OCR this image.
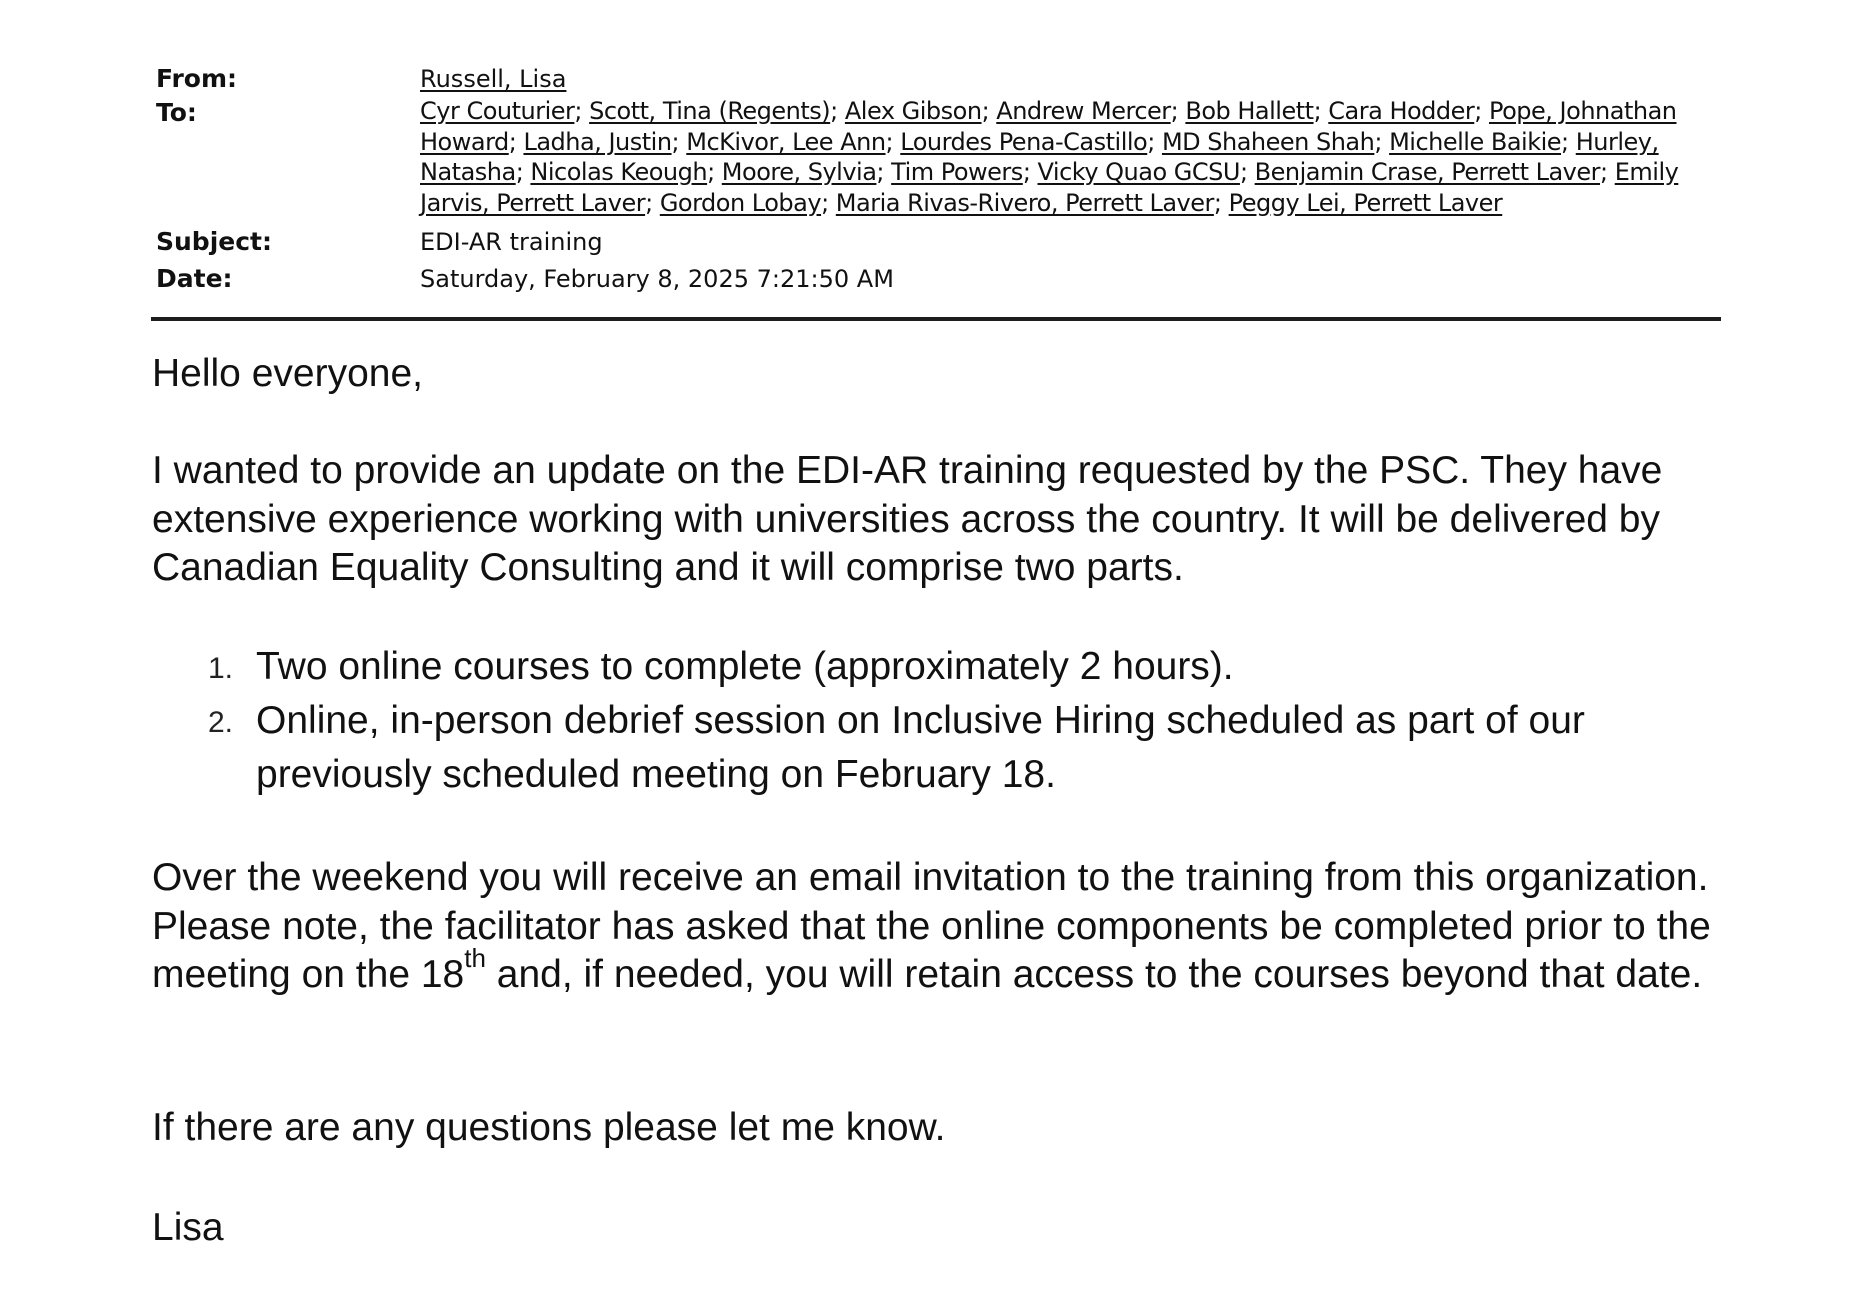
From:	Russell, Lisa
To:	Cyr Couturier; Scott, Tina (Regents); Alex Gibson; Andrew Mercer; Bob Hallett; Cara Hodder; Pope, Johnathan Howard; Ladha, Justin; McKivor, Lee Ann; Lourdes Pena-Castillo; MD Shaheen Shah; Michelle Baikie; Hurley, Natasha; Nicolas Keough; Moore, Sylvia; Tim Powers; Vicky Quao GCSU; Benjamin Crase, Perrett Laver; Emily Jarvis, Perrett Laver; Gordon Lobay; Maria Rivas-Rivero, Perrett Laver; Peggy Lei, Perrett Laver
Subject:	EDI-AR training
Date:	Saturday, February 8, 2025 7:21:50 AM
Hello everyone,
I wanted to provide an update on the EDI-AR training requested by the PSC. They have extensive experience working with universities across the country. It will be delivered by Canadian Equality Consulting and it will comprise two parts.
1. Two online courses to complete (approximately 2 hours).
2. Online, in-person debrief session on Inclusive Hiring scheduled as part of our previously scheduled meeting on February 18.
Over the weekend you will receive an email invitation to the training from this organization. Please note, the facilitator has asked that the online components be completed prior to the meeting on the 18th and, if needed, you will retain access to the courses beyond that date.
If there are any questions please let me know.
Lisa
